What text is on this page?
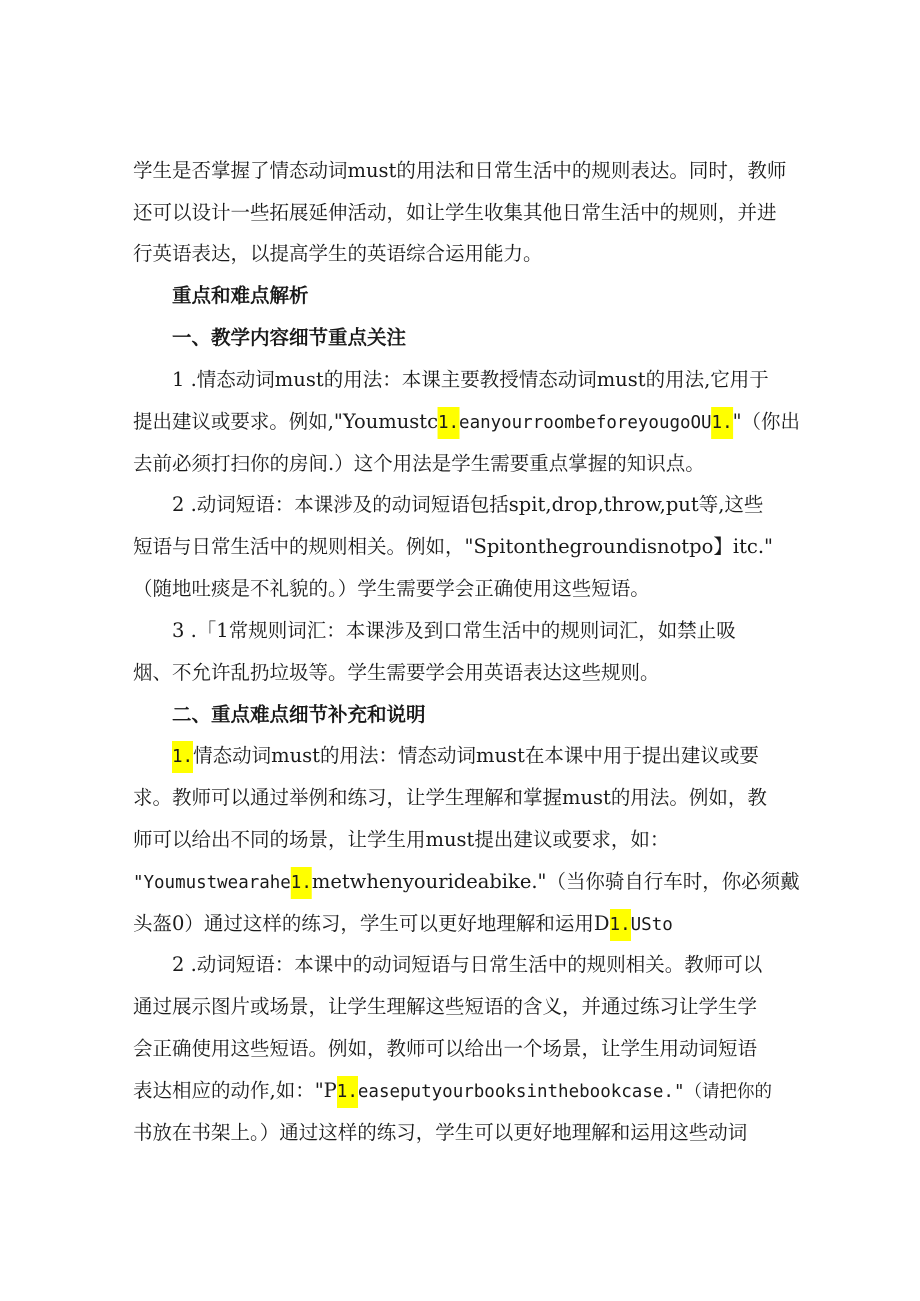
学生是否掌握了情态动词must的用法和日常生活中的规则表达。同时，教师
还可以设计一些拓展延伸活动，如让学生收集其他日常生活中的规则，并进
行英语表达，以提高学生的英语综合运用能力。
重点和难点解析
一、教学内容细节重点关注
1 .情态动词must的用法：本课主要教授情态动词must的用法,它用于
提出建议或要求。例如,"Youmustc1.eanyourroombeforeyougoOU1."（你出
去前必须打扫你的房间.）这个用法是学生需要重点掌握的知识点。
2 .动词短语：本课涉及的动词短语包括spit,drop,throw,put等,这些
短语与日常生活中的规则相关。例如，"Spitonthegroundisnotpo】itc."
（随地吐痰是不礼貌的。）学生需要学会正确使用这些短语。
3 .「1常规则词汇：本课涉及到口常生活中的规则词汇，如禁止吸
烟、不允许乱扔垃圾等。学生需要学会用英语表达这些规则。
二、重点难点细节补充和说明
1.情态动词must的用法：情态动词must在本课中用于提出建议或要
求。教师可以通过举例和练习，让学生理解和掌握must的用法。例如，教
师可以给出不同的场景，让学生用must提出建议或要求，如：
"Youmustwearahe1.metwhenyourideabike."（当你骑自行车时，你必须戴
头盔0）通过这样的练习，学生可以更好地理解和运用D1.USto
2 .动词短语：本课中的动词短语与日常生活中的规则相关。教师可以
通过展示图片或场景，让学生理解这些短语的含义，并通过练习让学生学
会正确使用这些短语。例如，教师可以给出一个场景，让学生用动词短语
表达相应的动作,如："P1.easeputyourbooksinthebookcase."（请把你的
书放在书架上。）通过这样的练习，学生可以更好地理解和运用这些动词
